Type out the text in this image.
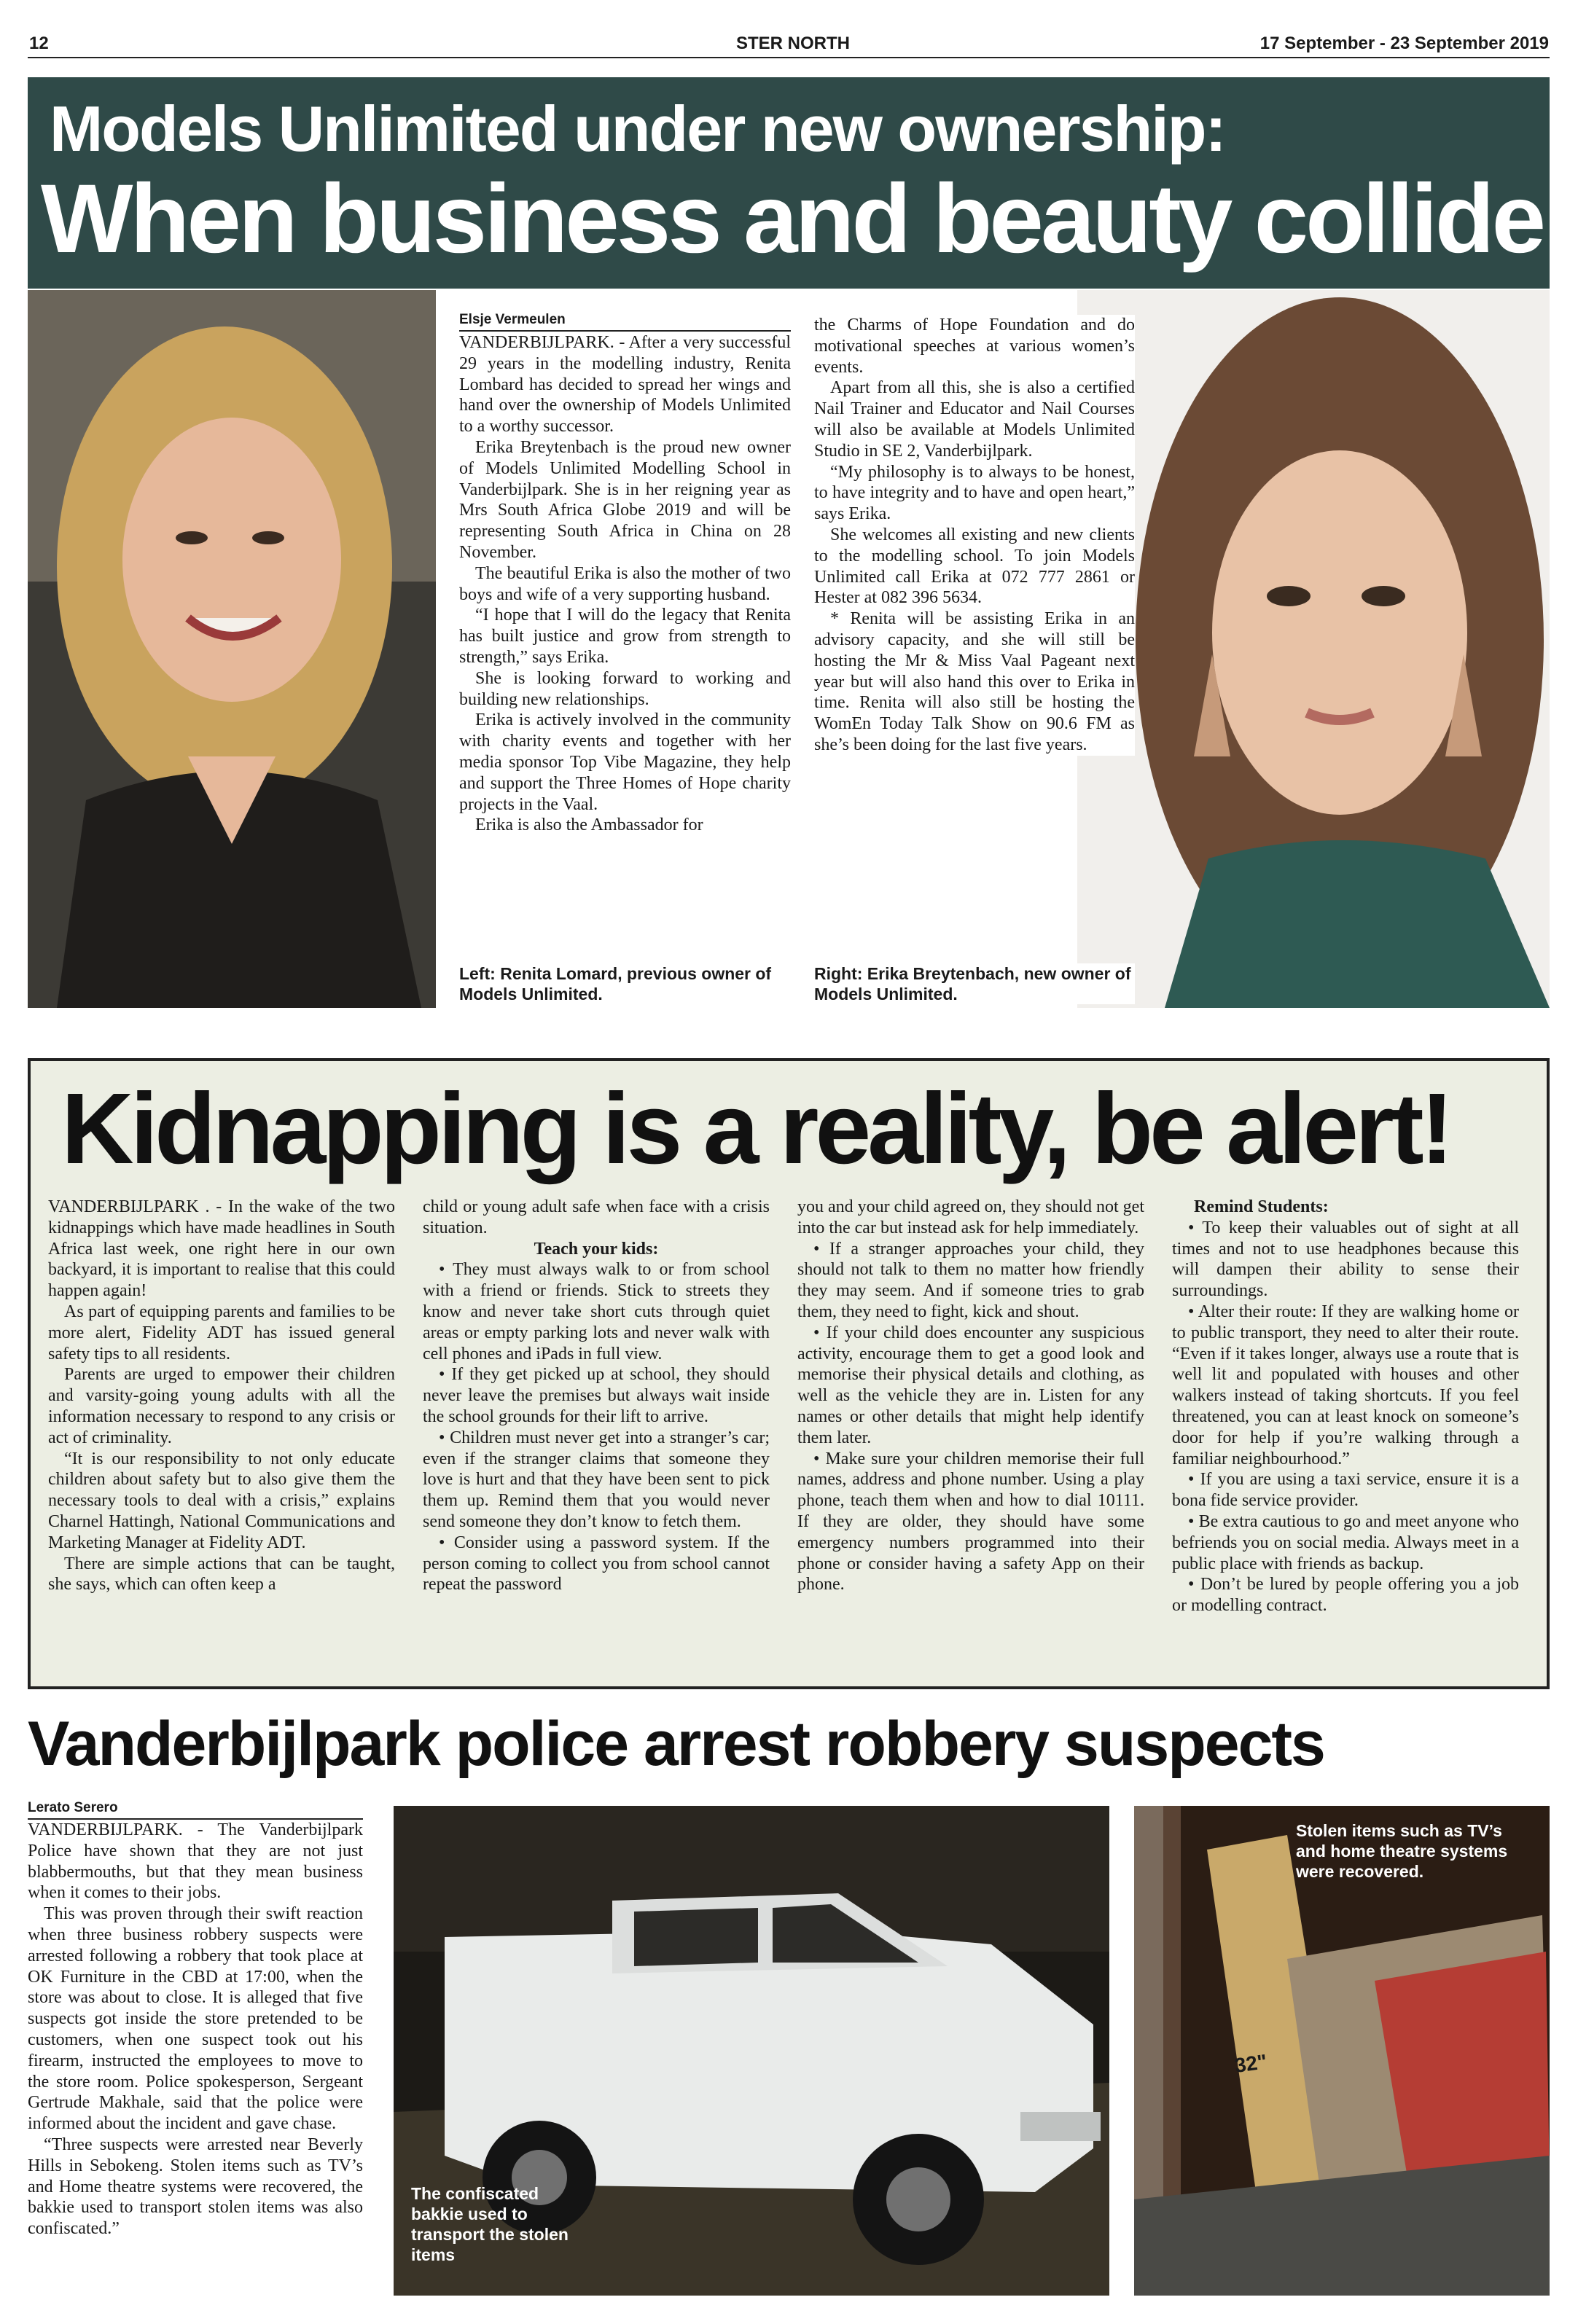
12	STER NORTH	17 September - 23 September 2019
Models Unlimited under new ownership:
When business and beauty collide
Elsje Vermeulen

VANDERBIJLPARK. - After a very successful 29 years in the modelling industry, Renita Lombard has decided to spread her wings and hand over the ownership of Models Unlimited to a worthy successor.

Erika Breytenbach is the proud new owner of Models Unlimited Modelling School in Vanderbijlpark. She is in her reigning year as Mrs South Africa Globe 2019 and will be representing South Africa in China on 28 November.

The beautiful Erika is also the mother of two boys and wife of a very supporting husband.

“I hope that I will do the legacy that Renita has built justice and grow from strength to strength,” says Erika.

She is looking forward to working and building new relationships.

Erika is actively involved in the community with charity events and together with her media sponsor Top Vibe Magazine, they help and support the Three Homes of Hope charity projects in the Vaal.

Erika is also the Ambassador for

the Charms of Hope Foundation and do motivational speeches at various women’s events.

Apart from all this, she is also a certified Nail Trainer and Educator and Nail Courses will also be available at Models Unlimited Studio in SE 2, Vanderbijlpark.

“My philosophy is to always to be honest, to have integrity and to have and open heart,” says Erika.

She welcomes all existing and new clients to the modelling school. To join Models Unlimited call Erika at 072 777 2861 or Hester at 082 396 5634.

* Renita will be assisting Erika in an advisory capacity, and she will still be hosting the Mr & Miss Vaal Pageant next year but will also hand this over to Erika in time. Renita will also still be hosting the WomEn Today Talk Show on 90.6 FM as she’s been doing for the last five years.

Left: Renita Lomard, previous owner of Models Unlimited.
Right: Erika Breytenbach, new owner of Models Unlimited.
Kidnapping is a reality, be alert!

VANDERBIJLPARK . - In the wake of the two kidnappings which have made headlines in South Africa last week, one right here in our own backyard, it is important to realise that this could happen again!

As part of equipping parents and families to be more alert, Fidelity ADT has issued general safety tips to all residents.

Parents are urged to empower their children and varsity-going young adults with all the information necessary to respond to any crisis or act of criminality.

“It is our responsibility to not only educate children about safety but to also give them the necessary tools to deal with a crisis,” explains Charnel Hattingh, National Communications and Marketing Manager at Fidelity ADT.

There are simple actions that can be taught, she says, which can often keep a

child or young adult safe when face with a crisis situation.

Teach your kids:

• They must always walk to or from school with a friend or friends. Stick to streets they know and never take short cuts through quiet areas or empty parking lots and never walk with cell phones and iPads in full view.

• If they get picked up at school, they should never leave the premises but always wait inside the school grounds for their lift to arrive.

• Children must never get into a stranger’s car; even if the stranger claims that someone they love is hurt and that they have been sent to pick them up. Remind them that you would never send someone they don’t know to fetch them.

• Consider using a password system. If the person coming to collect you from school cannot repeat the password

you and your child agreed on, they should not get into the car but instead ask for help immediately.

• If a stranger approaches your child, they should not talk to them no matter how friendly they may seem. And if someone tries to grab them, they need to fight, kick and shout.

• If your child does encounter any suspicious activity, encourage them to get a good look and memorise their physical details and clothing, as well as the vehicle they are in. Listen for any names or other details that might help identify them later.

• Make sure your children memorise their full names, address and phone number. Using a play phone, teach them when and how to dial 10111. If they are older, they should have some emergency numbers programmed into their phone or consider having a safety App on their phone.

Remind Students:

• To keep their valuables out of sight at all times and not to use headphones because this will dampen their ability to sense their surroundings.

• Alter their route: If they are walking home or to public transport, they need to alter their route. “Even if it takes longer, always use a route that is well lit and populated with houses and other walkers instead of taking shortcuts. If you feel threatened, you can at least knock on someone’s door for help if you’re walking through a familiar neighbourhood.”

• If you are using a taxi service, ensure it is a bona fide service provider.

• Be extra cautious to go and meet anyone who befriends you on social media. Always meet in a public place with friends as backup.

• Don’t be lured by people offering you a job or modelling contract.

Vanderbijlpark police arrest robbery suspects
Lerato Serero

VANDERBIJLPARK. - The Vanderbijlpark Police have shown that they are not just blabbermouths, but that they mean business when it comes to their jobs.

This was proven through their swift reaction when three business robbery suspects were arrested following a robbery that took place at OK Furniture in the CBD at 17:00, when the store was about to close. It is alleged that five suspects got inside the store pretended to be customers, when one suspect took out his firearm, instructed the employees to move to the store room. Police spokesperson, Sergeant Gertrude Makhale, said that the police were informed about the incident and gave chase.

“Three suspects were arrested near Beverly Hills in Sebokeng. Stolen items such as TV’s and Home theatre systems were recovered, the bakkie used to transport stolen items was also confiscated.”

The confiscated bakkie used to transport the stolen items
32"
Stolen items such as TV’s and home theatre systems were recovered.
